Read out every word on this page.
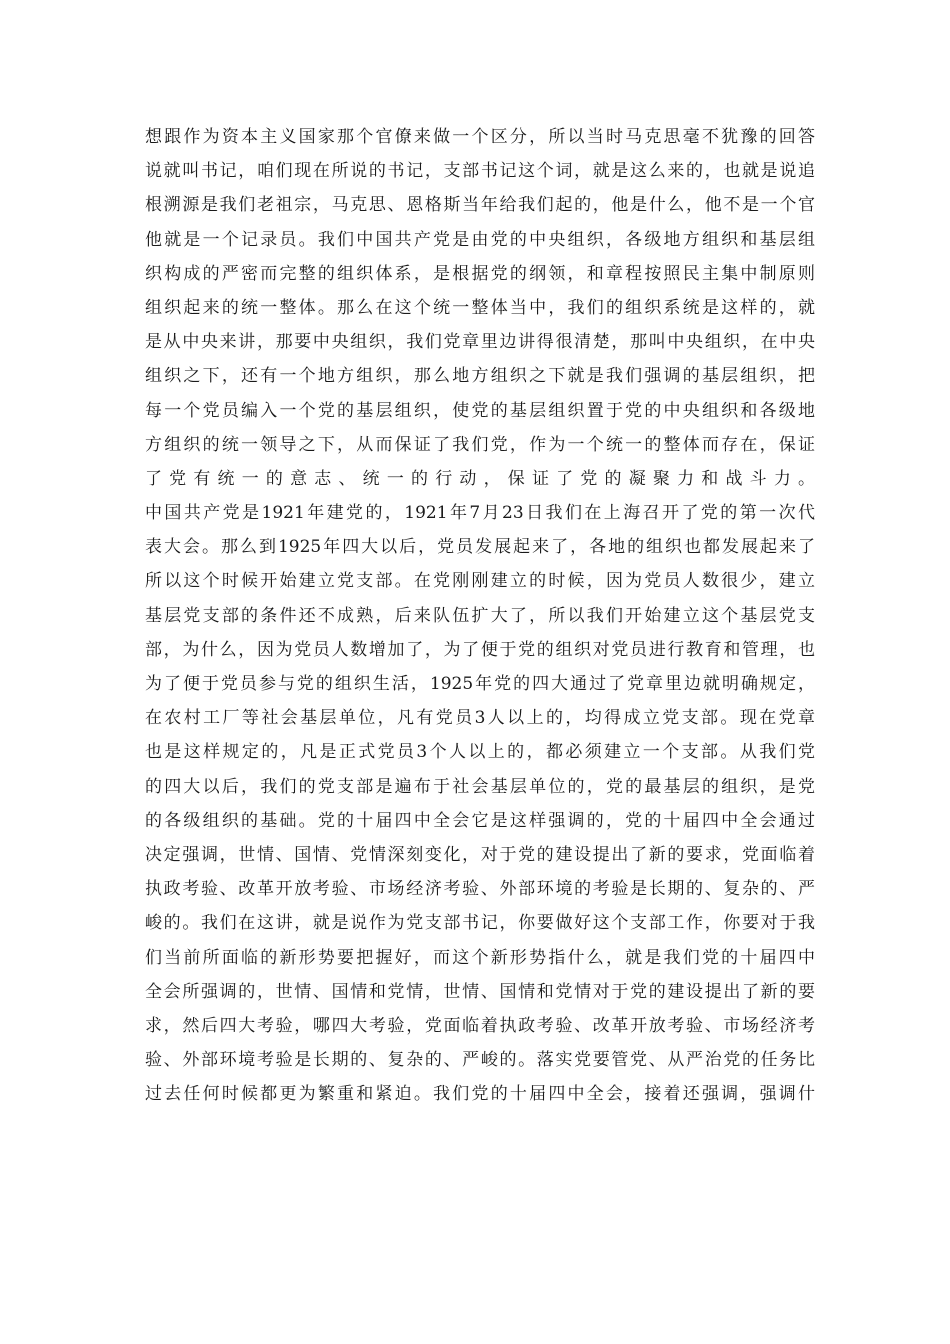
想跟作为资本主义国家那个官僚来做一个区分，所以当时马克思毫不犹豫的回答
说就叫书记，咱们现在所说的书记，支部书记这个词，就是这么来的，也就是说追
根溯源是我们老祖宗，马克思、恩格斯当年给我们起的，他是什么，他不是一个官
他就是一个记录员。我们中国共产党是由党的中央组织，各级地方组织和基层组
织构成的严密而完整的组织体系，是根据党的纲领，和章程按照民主集中制原则
组织起来的统一整体。那么在这个统一整体当中，我们的组织系统是这样的，就
是从中央来讲，那要中央组织，我们党章里边讲得很清楚，那叫中央组织，在中央
组织之下，还有一个地方组织，那么地方组织之下就是我们强调的基层组织，把
每一个党员编入一个党的基层组织，使党的基层组织置于党的中央组织和各级地
方组织的统一领导之下，从而保证了我们党，作为一个统一的整体而存在，保证
了党有统一的意志、统一的行动，保证了党的凝聚力和战斗力。
中国共产党是1921年建党的，1921年7月23日我们在上海召开了党的第一次代
表大会。那么到1925年四大以后，党员发展起来了，各地的组织也都发展起来了
所以这个时候开始建立党支部。在党刚刚建立的时候，因为党员人数很少，建立
基层党支部的条件还不成熟，后来队伍扩大了，所以我们开始建立这个基层党支
部，为什么，因为党员人数增加了，为了便于党的组织对党员进行教育和管理，也
为了便于党员参与党的组织生活，1925年党的四大通过了党章里边就明确规定，
在农村工厂等社会基层单位，凡有党员3人以上的，均得成立党支部。现在党章
也是这样规定的，凡是正式党员3个人以上的，都必须建立一个支部。从我们党
的四大以后，我们的党支部是遍布于社会基层单位的，党的最基层的组织，是党
的各级组织的基础。党的十届四中全会它是这样强调的，党的十届四中全会通过
决定强调，世情、国情、党情深刻变化，对于党的建设提出了新的要求，党面临着
执政考验、改革开放考验、市场经济考验、外部环境的考验是长期的、复杂的、严
峻的。我们在这讲，就是说作为党支部书记，你要做好这个支部工作，你要对于我
们当前所面临的新形势要把握好，而这个新形势指什么，就是我们党的十届四中
全会所强调的，世情、国情和党情，世情、国情和党情对于党的建设提出了新的要
求，然后四大考验，哪四大考验，党面临着执政考验、改革开放考验、市场经济考
验、外部环境考验是长期的、复杂的、严峻的。落实党要管党、从严治党的任务比
过去任何时候都更为繁重和紧迫。我们党的十届四中全会，接着还强调，强调什
